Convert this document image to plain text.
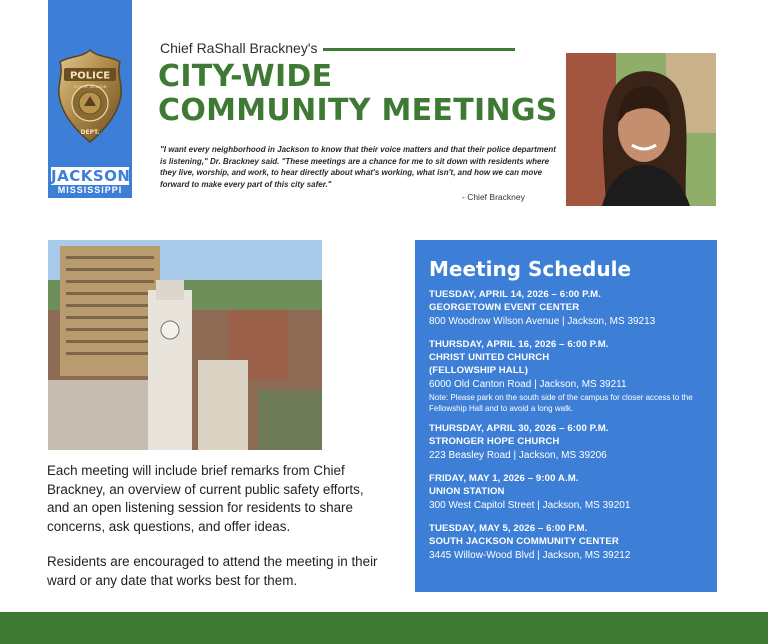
POLICE
CITY OF JACKSON
DEPT.
JACKSON
MISSISSIPPI
Chief RaShall Brackney's
CITY-WIDE
COMMUNITY MEETINGS

"I want every neighborhood in Jackson to know that their voice matters and that their police department is listening," Dr. Brackney said. "These meetings are a chance for me to sit down with residents where they live, worship, and work, to hear directly about what's working, what isn't, and how we can move forward to make every part of this city safer."

- Chief Brackney

Each meeting will include brief remarks from Chief Brackney, an overview of current public safety efforts, and an open listening session for residents to share concerns, ask questions, and offer ideas.

Residents are encouraged to attend the meeting in their ward or any date that works best for them.

Meeting Schedule
TUESDAY, APRIL 14, 2026 – 6:00 P.M.
GEORGETOWN EVENT CENTER
800 Woodrow Wilson Avenue | Jackson, MS 39213
THURSDAY, APRIL 16, 2026 – 6:00 P.M.
CHRIST UNITED CHURCH
(FELLOWSHIP HALL)
6000 Old Canton Road | Jackson, MS 39211
Note: Please park on the south side of the campus for closer access to the Fellowship Hall and to avoid a long walk.
THURSDAY, APRIL 30, 2026 – 6:00 P.M.
STRONGER HOPE CHURCH
223 Beasley Road | Jackson, MS 39206
FRIDAY, MAY 1, 2026 – 9:00 A.M.
UNION STATION
300 West Capitol Street | Jackson, MS 39201
TUESDAY, MAY 5, 2026 – 6:00 P.M.
SOUTH JACKSON COMMUNITY CENTER
3445 Willow-Wood Blvd | Jackson, MS 39212
